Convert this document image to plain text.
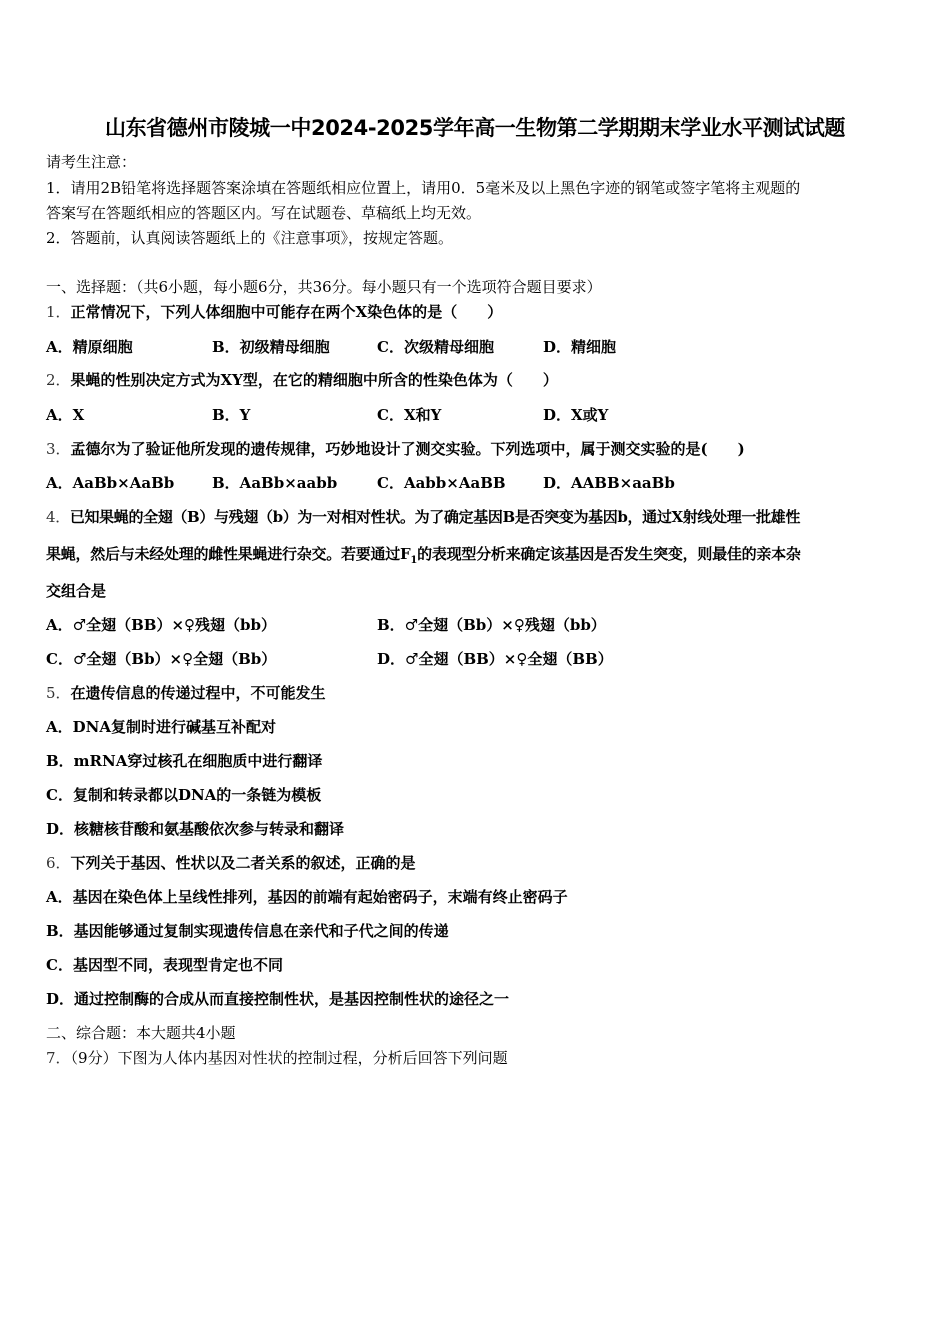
山东省德州市陵城一中2024-2025学年高一生物第二学期期末学业水平测试试题
请考生注意：
1．请用2B铅笔将选择题答案涂填在答题纸相应位置上，请用0．5毫米及以上黑色字迹的钢笔或签字笔将主观题的
答案写在答题纸相应的答题区内。写在试题卷、草稿纸上均无效。
2．答题前，认真阅读答题纸上的《注意事项》，按规定答题。
一、选择题：（共6小题，每小题6分，共36分。每小题只有一个选项符合题目要求）
1．正常情况下，下列人体细胞中可能存在两个X染色体的是（　　）
A．精原细胞	B．初级精母细胞	C．次级精母细胞	D．精细胞
2．果蝇的性别决定方式为XY型，在它的精细胞中所含的性染色体为（　　）
A．X	B．Y	C．X和Y	D．X或Y
3．孟德尔为了验证他所发现的遗传规律，巧妙地设计了测交实验。下列选项中，属于测交实验的是(　　)
A．AaBb×AaBb	B．AaBb×aabb	C．Aabb×AaBB D．AABB×aaBb
4．已知果蝇的全翅（B）与残翅（b）为一对相对性状。为了确定基因B是否突变为基因b，通过X射线处理一批雄性
果蝇，然后与未经处理的雌性果蝇进行杂交。若要通过$F_1$的表现型分析来确定该基因是否发生突变，则最佳的亲本杂
交组合是
A．♂全翅（BB）×♀残翅（bb）	B．♂全翅（Bb）×♀残翅（bb）
C．♂全翅（Bb）×♀全翅（Bb）	D．♂全翅（BB）×♀全翅（BB）
5．在遗传信息的传递过程中，不可能发生
A．DNA复制时进行碱基互补配对
B．mRNA穿过核孔在细胞质中进行翻译
C．复制和转录都以DNA的一条链为模板
D．核糖核苷酸和氨基酸依次参与转录和翻译
6．下列关于基因、性状以及二者关系的叙述，正确的是
A．基因在染色体上呈线性排列，基因的前端有起始密码子，末端有终止密码子
B．基因能够通过复制实现遗传信息在亲代和子代之间的传递
C．基因型不同，表现型肯定也不同
D．通过控制酶的合成从而直接控制性状，是基因控制性状的途径之一
二、综合题：本大题共4小题
7．（9分）下图为人体内基因对性状的控制过程，分析后回答下列问题
